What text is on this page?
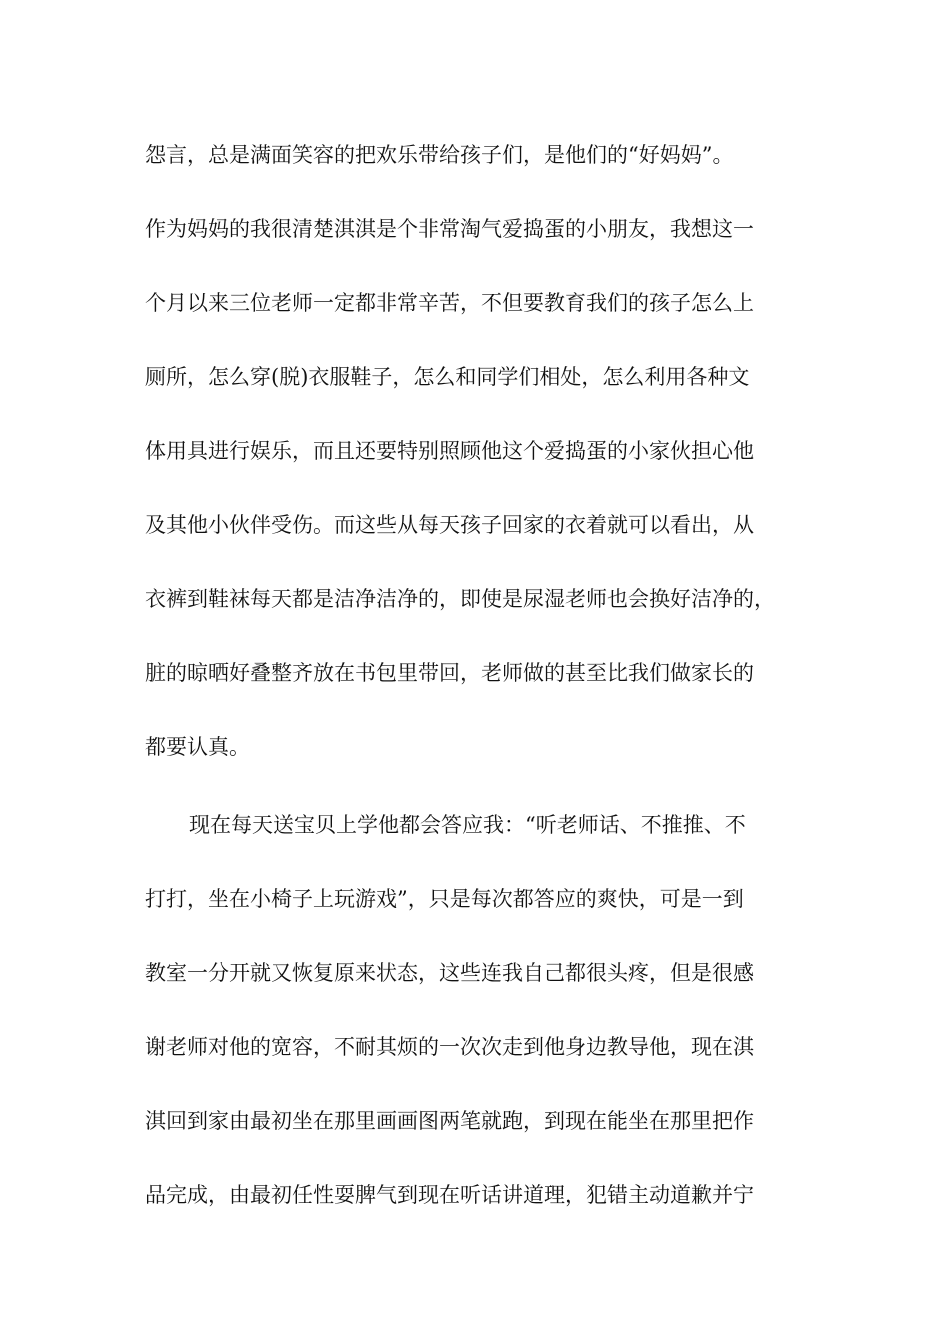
怨言，总是满面笑容的把欢乐带给孩子们，是他们的“好妈妈”。
作为妈妈的我很清楚淇淇是个非常淘气爱捣蛋的小朋友，我想这一
个月以来三位老师一定都非常辛苦，不但要教育我们的孩子怎么上
厕所，怎么穿(脱)衣服鞋子，怎么和同学们相处，怎么利用各种文
体用具进行娱乐，而且还要特别照顾他这个爱捣蛋的小家伙担心他
及其他小伙伴受伤。而这些从每天孩子回家的衣着就可以看出，从
衣裤到鞋袜每天都是洁净洁净的，即使是尿湿老师也会换好洁净的，
脏的晾晒好叠整齐放在书包里带回，老师做的甚至比我们做家长的
都要认真。
现在每天送宝贝上学他都会答应我：“听老师话、不推推、不
打打，坐在小椅子上玩游戏”，只是每次都答应的爽快，可是一到
教室一分开就又恢复原来状态，这些连我自己都很头疼，但是很感
谢老师对他的宽容，不耐其烦的一次次走到他身边教导他，现在淇
淇回到家由最初坐在那里画画图两笔就跑，到现在能坐在那里把作
品完成，由最初任性耍脾气到现在听话讲道理，犯错主动道歉并宁
